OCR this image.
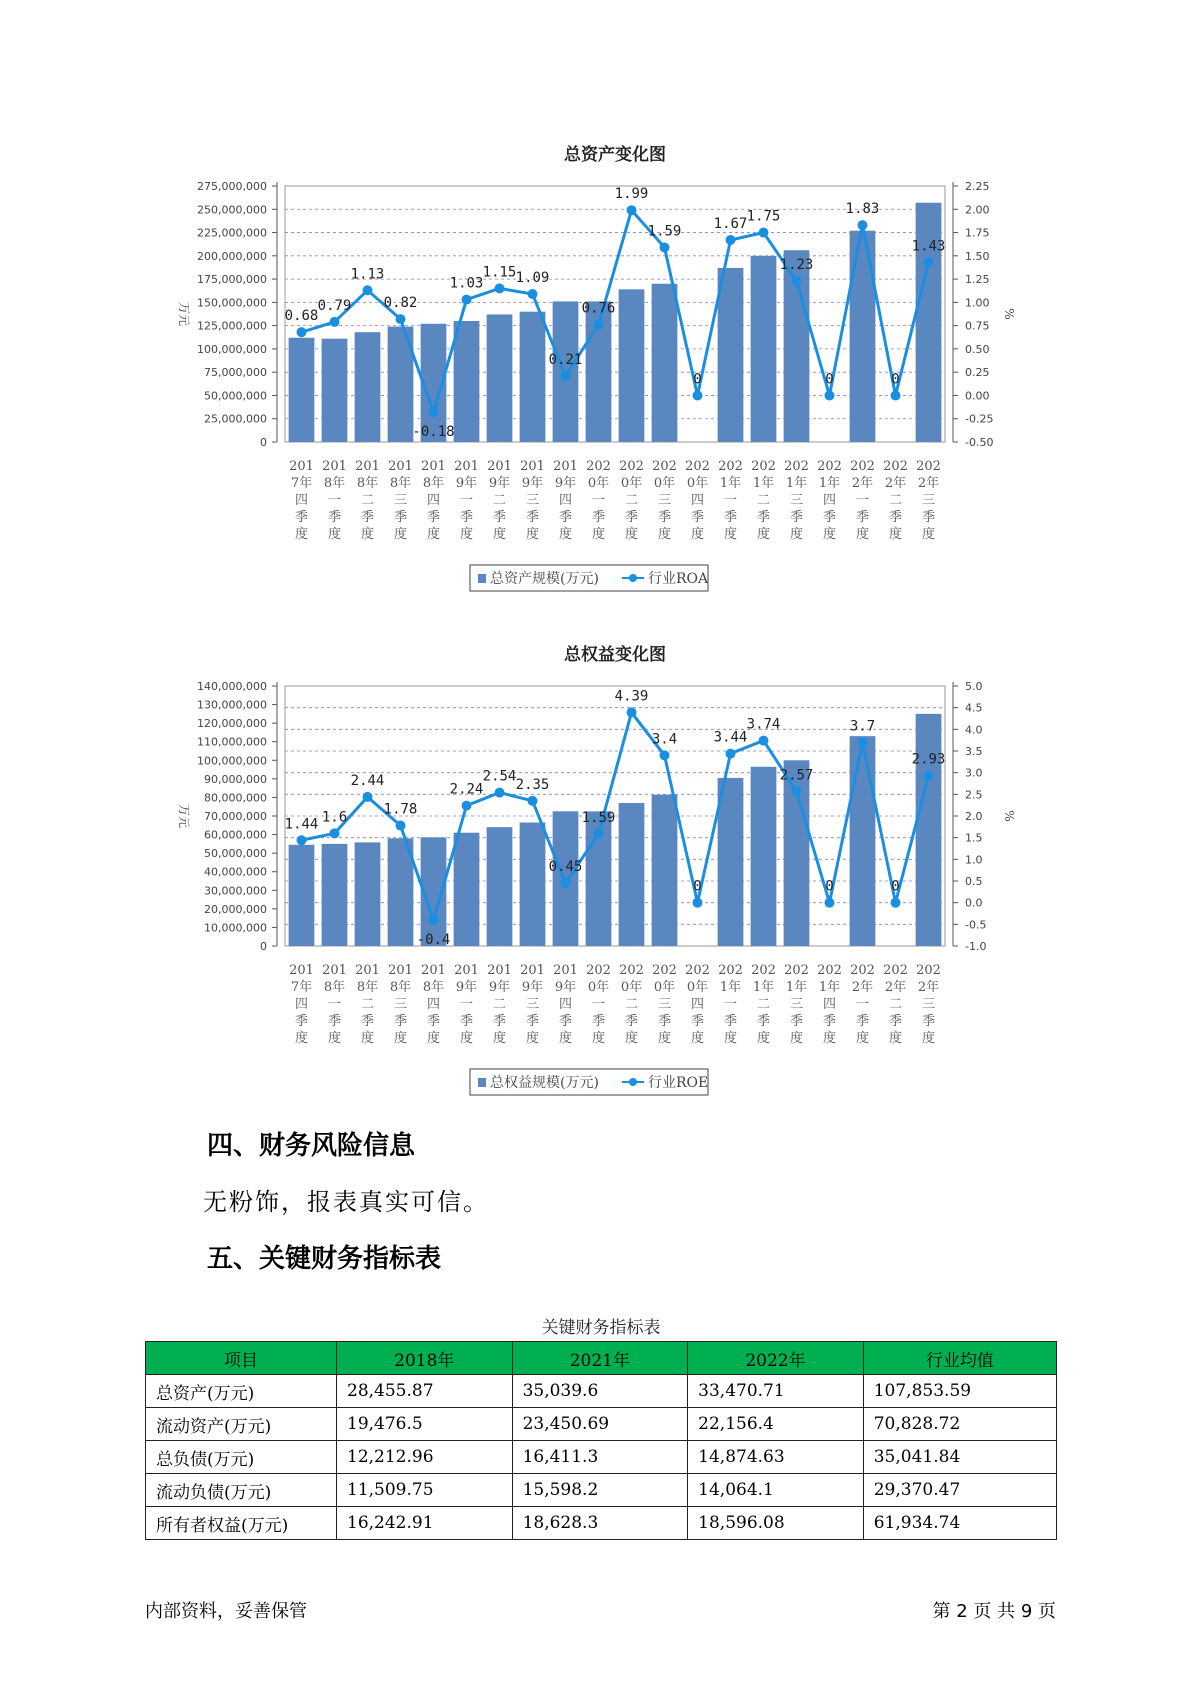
总资产变化图
-0.50
-0.25
0.00
0.25
0.50
0.75
1.00
1.25
1.50
1.75
2.00
2.25
%
0
25,000,000
50,000,000
75,000,000
100,000,000
125,000,000
150,000,000
175,000,000
200,000,000
225,000,000
250,000,000
275,000,000
万元	0.68
0.79
1.13
0.82
-0.18
1.03
1.15 1.09
0.21
0.76
1.99
1.59
0
1.67 1.75
1.23
0
1.83
0
1.43
201
7年
四
季
度
201
8年
一
季
度
201
8年
二
季
度
201
8年
三
季
度
201
8年
四
季
度
201
9年
一
季
度
201
9年
二
季
度
201
9年
三
季
度
201
9年
四
季
度
202
0年
一
季
度
202
0年
二
季
度
202
0年
三
季
度
202
0年
四
季
度
202
1年
一
季
度
202
1年
二
季
度
202
1年
三
季
度
202
1年
四
季
度
202
2年
一
季
度
202
2年
二
季
度
202
2年
三
季
度
总资产规模(万元)	行业ROA
总权益变化图
-1.0
-0.5
0.0
0.5
1.0
1.5
2.0
2.5
3.0
3.5
4.0
4.5
5.0
%
0
10,000,000
20,000,000
30,000,000
40,000,000
50,000,000
60,000,000
70,000,000
80,000,000
90,000,000
100,000,000
110,000,000
120,000,000
130,000,000
140,000,000
万元	1.44 1.6
2.44
1.78
-0.4
2.24
2.54
2.35
0.45
1.59
4.39
3.4
0
3.44
3.74
2.57
0
3.7
0
2.93
201
7年
四
季
度
201
8年
一
季
度
201
8年
二
季
度
201
8年
三
季
度
201
8年
四
季
度
201
9年
一
季
度
201
9年
二
季
度
201
9年
三
季
度
201
9年
四
季
度
202
0年
一
季
度
202
0年
二
季
度
202
0年
三
季
度
202
0年
四
季
度
202
1年
一
季
度
202
1年
二
季
度
202
1年
三
季
度
202
1年
四
季
度
202
2年
一
季
度
202
2年
二
季
度
202
2年
三
季
度
总权益规模(万元)	行业ROE
四、财务风险信息

无粉饰，报表真实可信。

五、关键财务指标表
关键财务指标表
项目	2018年	2021年	2022年	行业均值
总资产(万元)	28,455.87	35,039.6	33,470.71	107,853.59
流动资产(万元)	19,476.5	23,450.69	22,156.4	70,828.72
总负债(万元)	12,212.96	16,411.3	14,874.63	35,041.84
流动负债(万元)	11,509.75	15,598.2	14,064.1	29,370.47
所有者权益(万元)	16,242.91	18,628.3	18,596.08	61,934.74
内部资料，妥善保管	第 2 页 共 9 页
